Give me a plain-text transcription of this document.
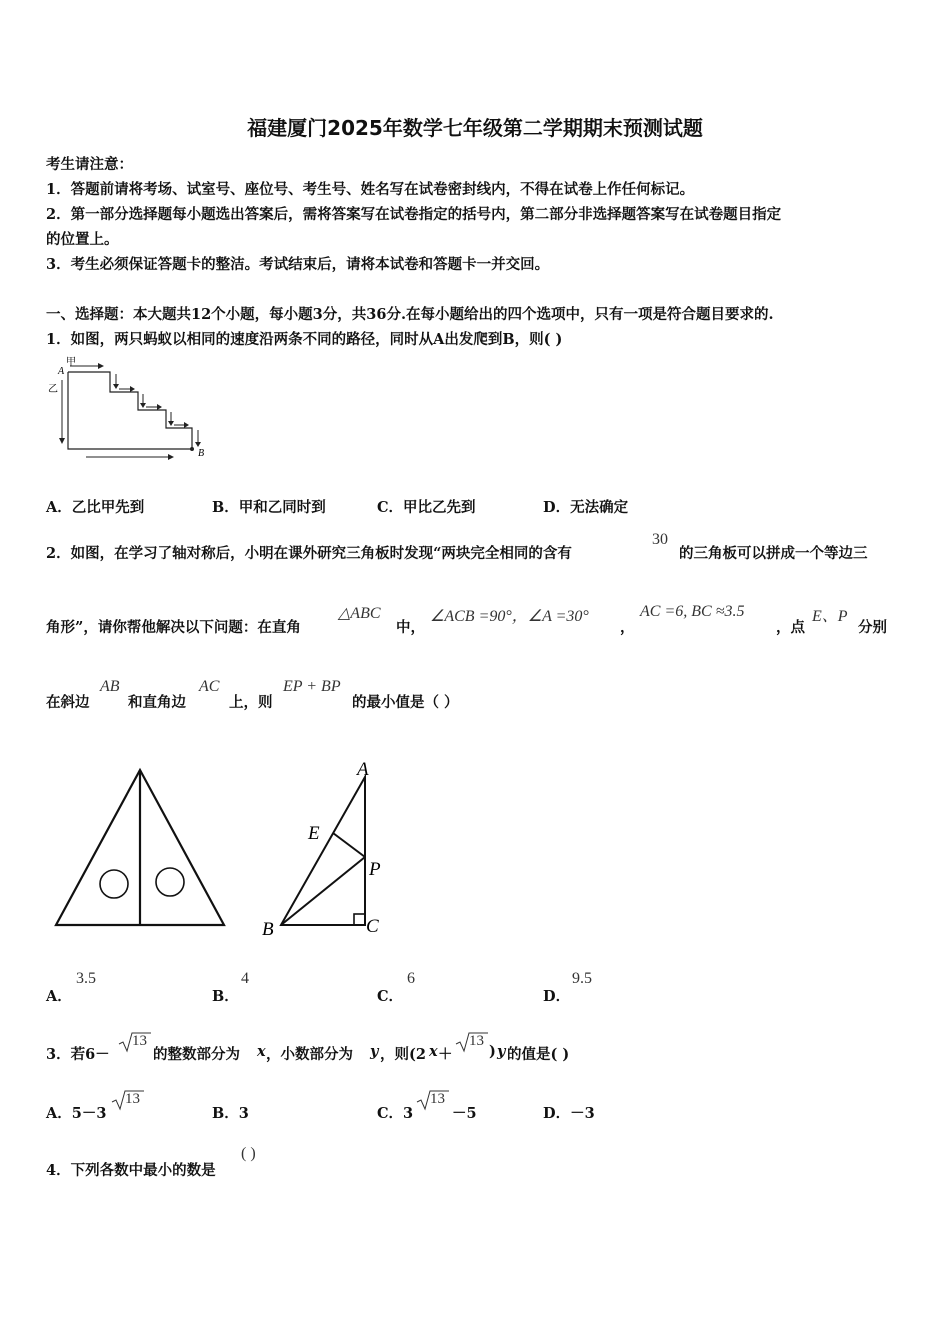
福建厦门2025年数学七年级第二学期期末预测试题
考生请注意：
1．答题前请将考场、试室号、座位号、考生号、姓名写在试卷密封线内，不得在试卷上作任何标记。
2．第一部分选择题每小题选出答案后，需将答案写在试卷指定的括号内，第二部分非选择题答案写在试卷题目指定
的位置上。
3．考生必须保证答题卡的整洁。考试结束后，请将本试卷和答题卡一并交回。
一、选择题：本大题共12个小题，每小题3分，共36分.在每小题给出的四个选项中，只有一项是符合题目要求的.
1．如图，两只蚂蚁以相同的速度沿两条不同的路径，同时从A出发爬到B，则( )
A
甲
乙
B
A．乙比甲先到	B．甲和乙同时到	C．甲比乙先到	D．无法确定
2．如图，在学习了轴对称后，小明在课外研究三角板时发现“两块完全相同的含有
30
的三角板可以拼成一个等边三
角形”，请你帮他解决以下问题：在直角
△ABC
中，
∠ACB =90°，∠A =30°
，
AC =6, BC ≈3.5
，点
E、P
分别
在斜边
AB
和直角边
AC
上，则
EP + BP
的最小值是（ ）
A
E
P
B	C
A．
3.5
B．
4
C．
6
D．
9.5
3．若6－
13
的整数部分为 x ，小数部分为 y ，则(2 x ＋
13
) y 的值是( )
A．5－3
13
B．3	C．3
13
－5	D．－3
4．下列各数中最小的数是
( )
